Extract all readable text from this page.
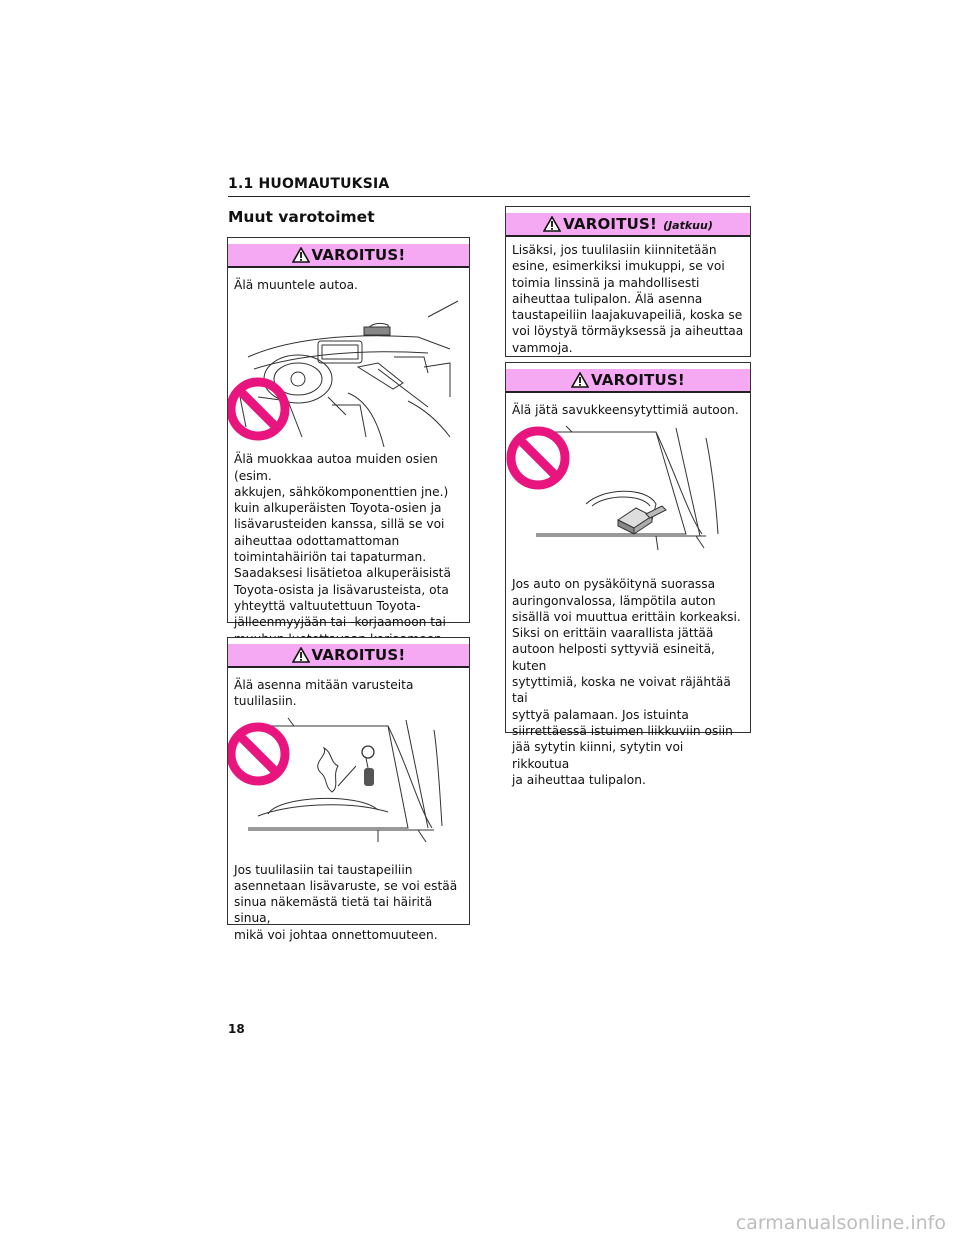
1.1 HUOMAUTUKSIA
Muut varotoimet
VAROITUS!

Älä muuntele autoa.

Älä muokkaa autoa muiden osien (esim.
akkujen, sähkökomponenttien jne.)
kuin alkuperäisten Toyota-osien ja
lisävarusteiden kanssa, sillä se voi
aiheuttaa odottamattoman
toimintahäiriön tai tapaturman.
Saadaksesi lisätietoa alkuperäisistä
Toyota-osista ja lisävarusteista, ota
yhteyttä valtuutettuun Toyota-
jälleenmyyjään tai -korjaamoon tai

VAROITUS!

Älä asenna mitään varusteita
tuulilasiin.

Jos tuulilasiin tai taustapeiliin
asennetaan lisävaruste, se voi estää
sinua näkemästä tietä tai häiritä sinua,
mikä voi johtaa onnettomuuteen.

VAROITUS! (Jatkuu)

Lisäksi, jos tuulilasiin kiinnitetään
esine, esimerkiksi imukuppi, se voi
toimia linssinä ja mahdollisesti
aiheuttaa tulipalon. Älä asenna
taustapeiliin laajakuvapeiliä, koska se
voi löystyä törmäyksessä ja aiheuttaa
vammoja.

VAROITUS!

Älä jätä savukkeensytyttimiä autoon.

Jos auto on pysäköitynä suorassa
auringonvalossa, lämpötila auton
sisällä voi muuttua erittäin korkeaksi.
Siksi on erittäin vaarallista jättää
autoon helposti syttyviä esineitä, kuten
sytyttimiä, koska ne voivat räjähtää tai
syttyä palamaan. Jos istuinta
siirrettäessä istuimen liikkuviin osiin
jää sytytin kiinni, sytytin voi rikkoutua
ja aiheuttaa tulipalon.

18
carmanualsonline.info
